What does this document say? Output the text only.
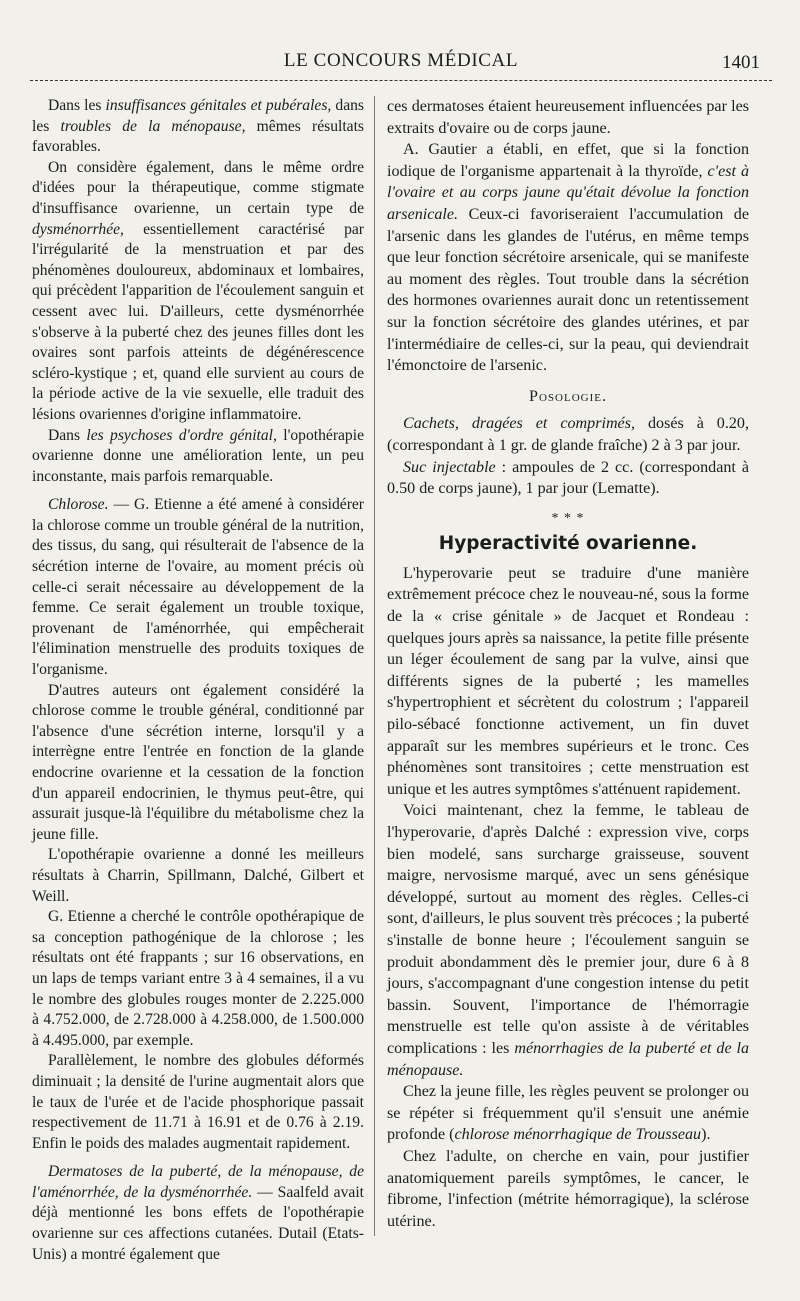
LE CONCOURS MÉDICAL	1401

Dans les insuffisances génitales et pubérales, dans les troubles de la ménopause, mêmes résultats favorables.

On considère également, dans le même ordre d'idées pour la thérapeutique, comme stigmate d'insuffisance ovarienne, un certain type de dysménorrhée, essentiellement caractérisé par l'irrégularité de la menstruation et par des phénomènes douloureux, abdominaux et lombaires, qui précèdent l'apparition de l'écoulement sanguin et cessent avec lui. D'ailleurs, cette dysménorrhée s'observe à la puberté chez des jeunes filles dont les ovaires sont parfois atteints de dégénérescence scléro-kystique ; et, quand elle survient au cours de la période active de la vie sexuelle, elle traduit des lésions ovariennes d'origine inflammatoire.

Dans les psychoses d'ordre génital, l'opothérapie ovarienne donne une amélioration lente, un peu inconstante, mais parfois remarquable.

Chlorose. — G. Etienne a été amené à considérer la chlorose comme un trouble général de la nutrition, des tissus, du sang, qui résulterait de l'absence de la sécrétion interne de l'ovaire, au moment précis où celle-ci serait nécessaire au développement de la femme. Ce serait également un trouble toxique, provenant de l'aménorrhée, qui empêcherait l'élimination menstruelle des produits toxiques de l'organisme.

D'autres auteurs ont également considéré la chlorose comme le trouble général, conditionné par l'absence d'une sécrétion interne, lorsqu'il y a interrègne entre l'entrée en fonction de la glande endocrine ovarienne et la cessation de la fonction d'un appareil endocrinien, le thymus peut-être, qui assurait jusque-là l'équilibre du métabolisme chez la jeune fille.

L'opothérapie ovarienne a donné les meilleurs résultats à Charrin, Spillmann, Dalché, Gilbert et Weill.

G. Etienne a cherché le contrôle opothérapique de sa conception pathogénique de la chlorose ; les résultats ont été frappants ; sur 16 observations, en un laps de temps variant entre 3 à 4 semaines, il a vu le nombre des globules rouges monter de 2.225.000 à 4.752.000, de 2.728.000 à 4.258.000, de 1.500.000 à 4.495.000, par exemple.

Parallèlement, le nombre des globules déformés diminuait ; la densité de l'urine augmentait alors que le taux de l'urée et de l'acide phosphorique passait respectivement de 11.71 à 16.91 et de 0.76 à 2.19. Enfin le poids des malades augmentait rapidement.

Dermatoses de la puberté, de la ménopause, de l'aménorrhée, de la dysménorrhée. — Saalfeld avait déjà mentionné les bons effets de l'opothérapie ovarienne sur ces affections cutanées. Dutail (Etats-Unis) a montré également que

ces dermatoses étaient heureusement influencées par les extraits d'ovaire ou de corps jaune.

A. Gautier a établi, en effet, que si la fonction iodique de l'organisme appartenait à la thyroïde, c'est à l'ovaire et au corps jaune qu'était dévolue la fonction arsenicale. Ceux-ci favoriseraient l'accumulation de l'arsenic dans les glandes de l'utérus, en même temps que leur fonction sécrétoire arsenicale, qui se manifeste au moment des règles. Tout trouble dans la sécrétion des hormones ovariennes aurait donc un retentissement sur la fonction sécrétoire des glandes utérines, et par l'intermédiaire de celles-ci, sur la peau, qui deviendrait l'émonctoire de l'arsenic.

Posologie.

Cachets, dragées et comprimés, dosés à 0.20, (correspondant à 1 gr. de glande fraîche) 2 à 3 par jour.

Suc injectable : ampoules de 2 cc. (correspondant à 0.50 de corps jaune), 1 par jour (Lematte).

* * *
Hyperactivité ovarienne.

L'hyperovarie peut se traduire d'une manière extrêmement précoce chez le nouveau-né, sous la forme de la « crise génitale » de Jacquet et Rondeau : quelques jours après sa naissance, la petite fille présente un léger écoulement de sang par la vulve, ainsi que différents signes de la puberté ; les mamelles s'hypertrophient et sécrètent du colostrum ; l'appareil pilo-sébacé fonctionne activement, un fin duvet apparaît sur les membres supérieurs et le tronc. Ces phénomènes sont transitoires ; cette menstruation est unique et les autres symptômes s'atténuent rapidement.

Voici maintenant, chez la femme, le tableau de l'hyperovarie, d'après Dalché : expression vive, corps bien modelé, sans surcharge graisseuse, souvent maigre, nervosisme marqué, avec un sens génésique développé, surtout au moment des règles. Celles-ci sont, d'ailleurs, le plus souvent très précoces ; la puberté s'installe de bonne heure ; l'écoulement sanguin se produit abondamment dès le premier jour, dure 6 à 8 jours, s'accompagnant d'une congestion intense du petit bassin. Souvent, l'importance de l'hémorragie menstruelle est telle qu'on assiste à de véritables complications : les ménorrhagies de la puberté et de la ménopause.

Chez la jeune fille, les règles peuvent se prolonger ou se répéter si fréquemment qu'il s'ensuit une anémie profonde (chlorose ménorrhagique de Trousseau).

Chez l'adulte, on cherche en vain, pour justifier anatomiquement pareils symptômes, le cancer, le fibrome, l'infection (métrite hémorragique), la sclérose utérine.
